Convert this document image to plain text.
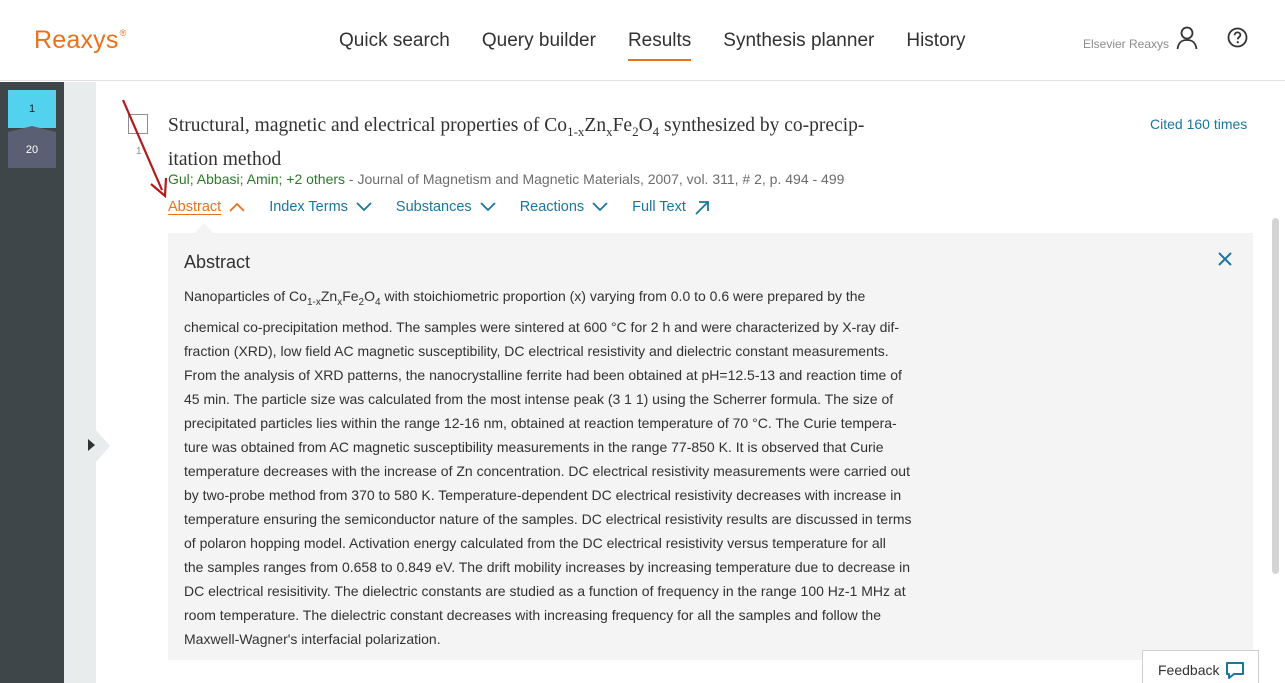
Reaxys®	Quick search Query builder Results Synthesis planner History	Elsevier Reaxys
1
20	1
Structural, magnetic and electrical properties of $Co_{1-x}Zn_xFe_2O_4$ synthesized by co-precip-
itation method
Cited 160 times
Gul; Abbasi; Amin; +2 others - Journal of Magnetism and Magnetic Materials, 2007, vol. 311, # 2, p. 494 - 499
Abstract	Index Terms	Substances	Reactions	Full Text
Abstract
Nanoparticles of $Co_{1-x}Zn_xFe_2O_4$ with stoichiometric proportion (x) varying from 0.0 to 0.6 were prepared by the
chemical co-precipitation method. The samples were sintered at 600 °C for 2 h and were characterized by X-ray dif-
fraction (XRD), low field AC magnetic susceptibility, DC electrical resistivity and dielectric constant measurements.
From the analysis of XRD patterns, the nanocrystalline ferrite had been obtained at pH=12.5-13 and reaction time of
45 min. The particle size was calculated from the most intense peak (3 1 1) using the Scherrer formula. The size of
precipitated particles lies within the range 12-16 nm, obtained at reaction temperature of 70 °C. The Curie tempera-
ture was obtained from AC magnetic susceptibility measurements in the range 77-850 K. It is observed that Curie
temperature decreases with the increase of Zn concentration. DC electrical resistivity measurements were carried out
by two-probe method from 370 to 580 K. Temperature-dependent DC electrical resistivity decreases with increase in
temperature ensuring the semiconductor nature of the samples. DC electrical resistivity results are discussed in terms
of polaron hopping model. Activation energy calculated from the DC electrical resistivity versus temperature for all
the samples ranges from 0.658 to 0.849 eV. The drift mobility increases by increasing temperature due to decrease in
DC electrical resisitivity. The dielectric constants are studied as a function of frequency in the range 100 Hz-1 MHz at
room temperature. The dielectric constant decreases with increasing frequency for all the samples and follow the
Maxwell-Wagner's interfacial polarization.
Feedback
